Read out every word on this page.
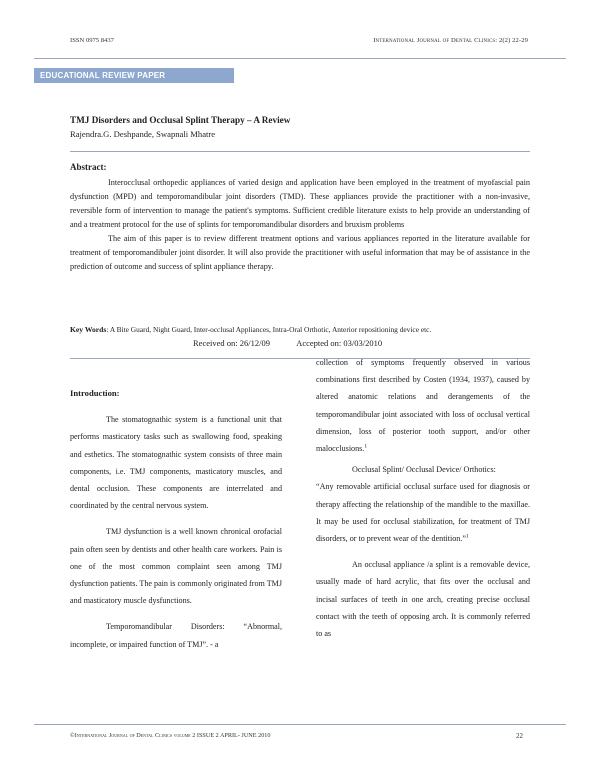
ISSN 0975 8437	International Journal of Dental Clinics: 2(2) 22-29
EDUCATIONAL REVIEW PAPER
TMJ Disorders and Occlusal Splint Therapy – A Review
Rajendra.G. Deshpande, Swapnali Mhatre
Abstract:

Interocclusal orthopedic appliances of varied design and application have been employed in the treatment of myofascial pain dysfunction (MPD) and temporomandibular joint disorders (TMD). These appliances provide the practitioner with a non-invasive, reversible form of intervention to manage the patient's symptoms. Sufficient credible literature exists to help provide an understanding of and a treatment protocol for the use of splints for temporomandibular disorders and bruxism problems

The aim of this paper is to review different treatment options and various appliances reported in the literature available for treatment of temporomandibuler joint disorder. It will also provide the practitioner with useful information that may be of assistance in the prediction of outcome and success of splint appliance therapy.

Key Words: A Bite Guard, Night Guard, Inter-occlusal Appliances, Intra-Oral Orthotic, Anterior repositioning device etc.
Received on: 26/12/09	Accepted on: 03/03/2010

Introduction:

The stomatognathic system is a functional unit that performs masticatory tasks such as swallowing food, speaking and esthetics. The stomatognathic system consists of three main components, i.e. TMJ components, masticatory muscles, and dental occlusion. These components are interrelated and coordinated by the central nervous system.

TMJ dysfunction is a well known chronical orofacial pain often seen by dentists and other health care workers. Pain is one of the most common complaint seen among TMJ dysfunction patients. The pain is commonly originated from TMJ and masticatory muscle dysfunctions.

Temporomandibular Disorders: “Abnormal, incomplete, or impaired function of TMJ”. - a

collection of symptoms frequently observed in various combinations first described by Costen (1934, 1937), caused by altered anatomic relations and derangements of the temporomandibular joint associated with loss of occlusal vertical dimension, loss of posterior tooth support, and/or other malocclusions.$^1$

Occlusal Splint/ Occlusal Device/ Orthotics:

“Any removable artificial occlusal surface used for diagnosis or therapy affecting the relationship of the mandible to the maxillae. It may be used for occlusal stabilization, for treatment of TMJ disorders, or to prevent wear of the dentition.”$^1$

An occlusal appliance /a splint is a removable device, usually made of hard acrylic, that fits over the occlusal and incisal surfaces of teeth in one arch, creating precise occlusal contact with the teeth of opposing arch. It is commonly referred to as

©International Journal of Dental Clinics volume 2 ISSUE 2 APRIL- JUNE 2010	22
